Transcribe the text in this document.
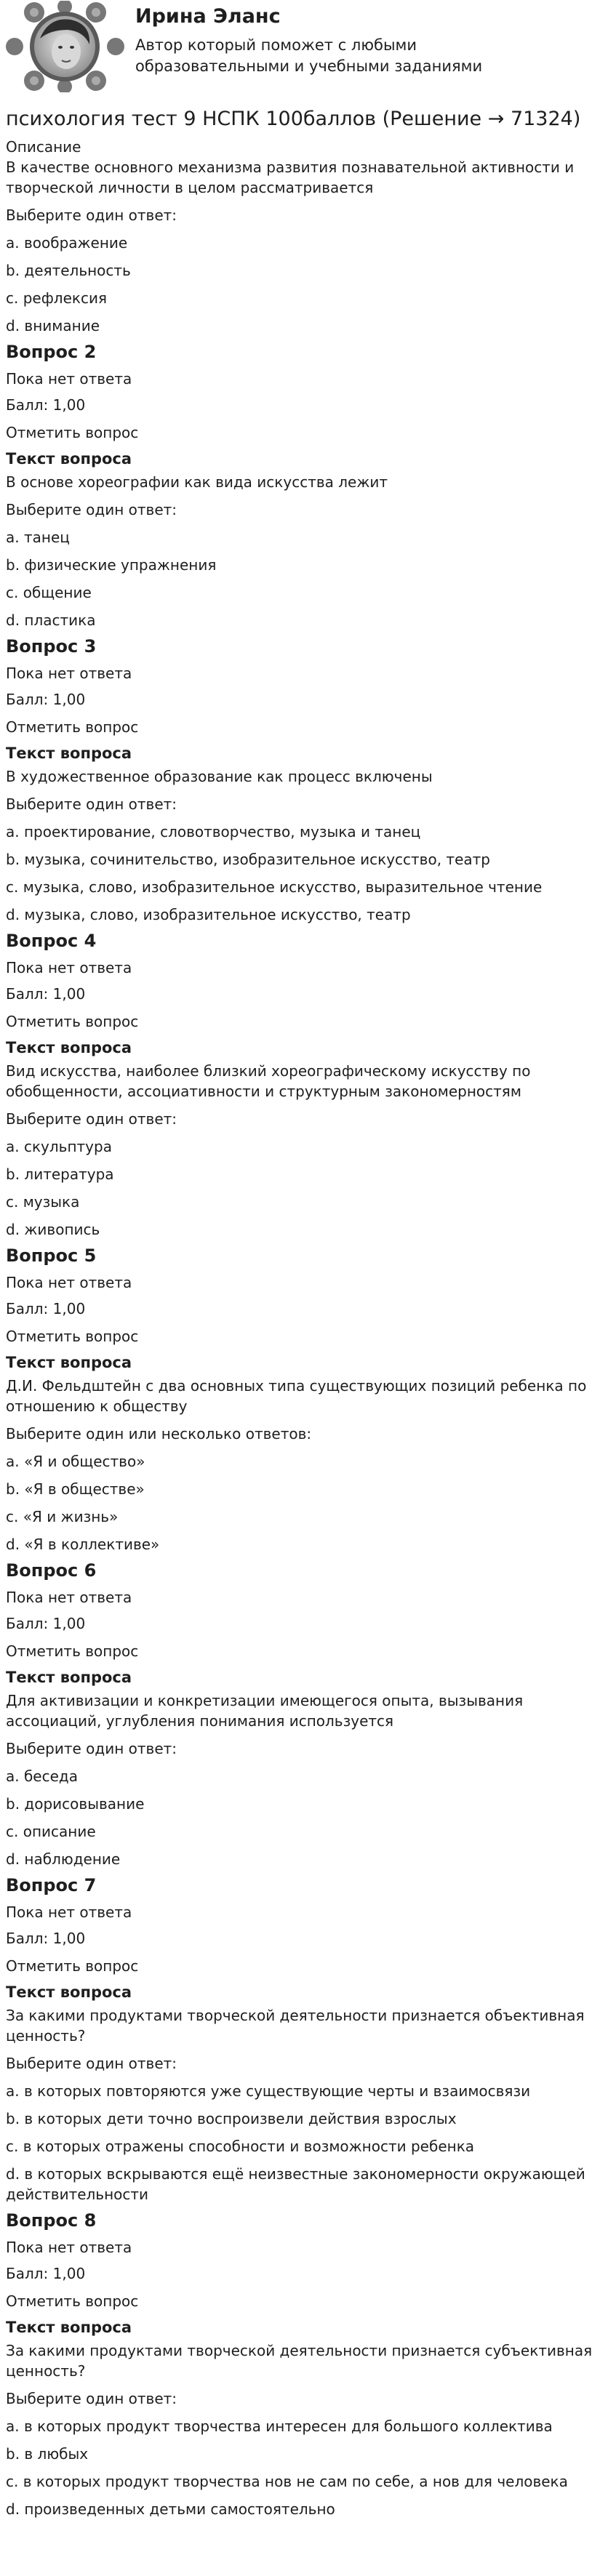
Ирина Эланс

Автор который поможет с любыми образовательными и учебными заданиями

психология тест 9 НСПК 100баллов (Решение → 71324)

Описание

В качестве основного механизма развития познавательной активности и творческой личности в целом рассматривается

Выберите один ответ:

a. воображение
b. деятельность
c. рефлексия
d. внимание
Вопрос 2

Пока нет ответа

Балл: 1,00

Отметить вопрос

Текст вопроса

В основе хореографии как вида искусства лежит

Выберите один ответ:

a. танец
b. физические упражнения
c. общение
d. пластика
Вопрос 3

Пока нет ответа

Балл: 1,00

Отметить вопрос

Текст вопроса

В художественное образование как процесс включены

Выберите один ответ:

a. проектирование, словотворчество, музыка и танец
b. музыка, сочинительство, изобразительное искусство, театр
c. музыка, слово, изобразительное искусство, выразительное чтение
d. музыка, слово, изобразительное искусство, театр
Вопрос 4

Пока нет ответа

Балл: 1,00

Отметить вопрос

Текст вопроса

Вид искусства, наиболее близкий хореографическому искусству по обобщенности, ассоциативности и структурным закономерностям

Выберите один ответ:

a. скульптура
b. литература
c. музыка
d. живопись
Вопрос 5

Пока нет ответа

Балл: 1,00

Отметить вопрос

Текст вопроса

Д.И. Фельдштейн с два основных типа существующих позиций ребенка по отношению к обществу

Выберите один или несколько ответов:

a. «Я и общество»
b. «Я в обществе»
c. «Я и жизнь»
d. «Я в коллективе»
Вопрос 6

Пока нет ответа

Балл: 1,00

Отметить вопрос

Текст вопроса

Для активизации и конкретизации имеющегося опыта, вызывания ассоциаций, углубления понимания используется

Выберите один ответ:

a. беседа
b. дорисовывание
c. описание
d. наблюдение
Вопрос 7

Пока нет ответа

Балл: 1,00

Отметить вопрос

Текст вопроса

За какими продуктами творческой деятельности признается объективная ценность?

Выберите один ответ:

a. в которых повторяются уже существующие черты и взаимосвязи
b. в которых дети точно воспроизвели действия взрослых
c. в которых отражены способности и возможности ребенка
d. в которых вскрываются ещё неизвестные закономерности окружающей действительности
Вопрос 8

Пока нет ответа

Балл: 1,00

Отметить вопрос

Текст вопроса

За какими продуктами творческой деятельности признается субъективная ценность?

Выберите один ответ:

a. в которых продукт творчества интересен для большого коллектива
b. в любых
c. в которых продукт творчества нов не сам по себе, а нов для человека
d. произведенных детьми самостоятельно
